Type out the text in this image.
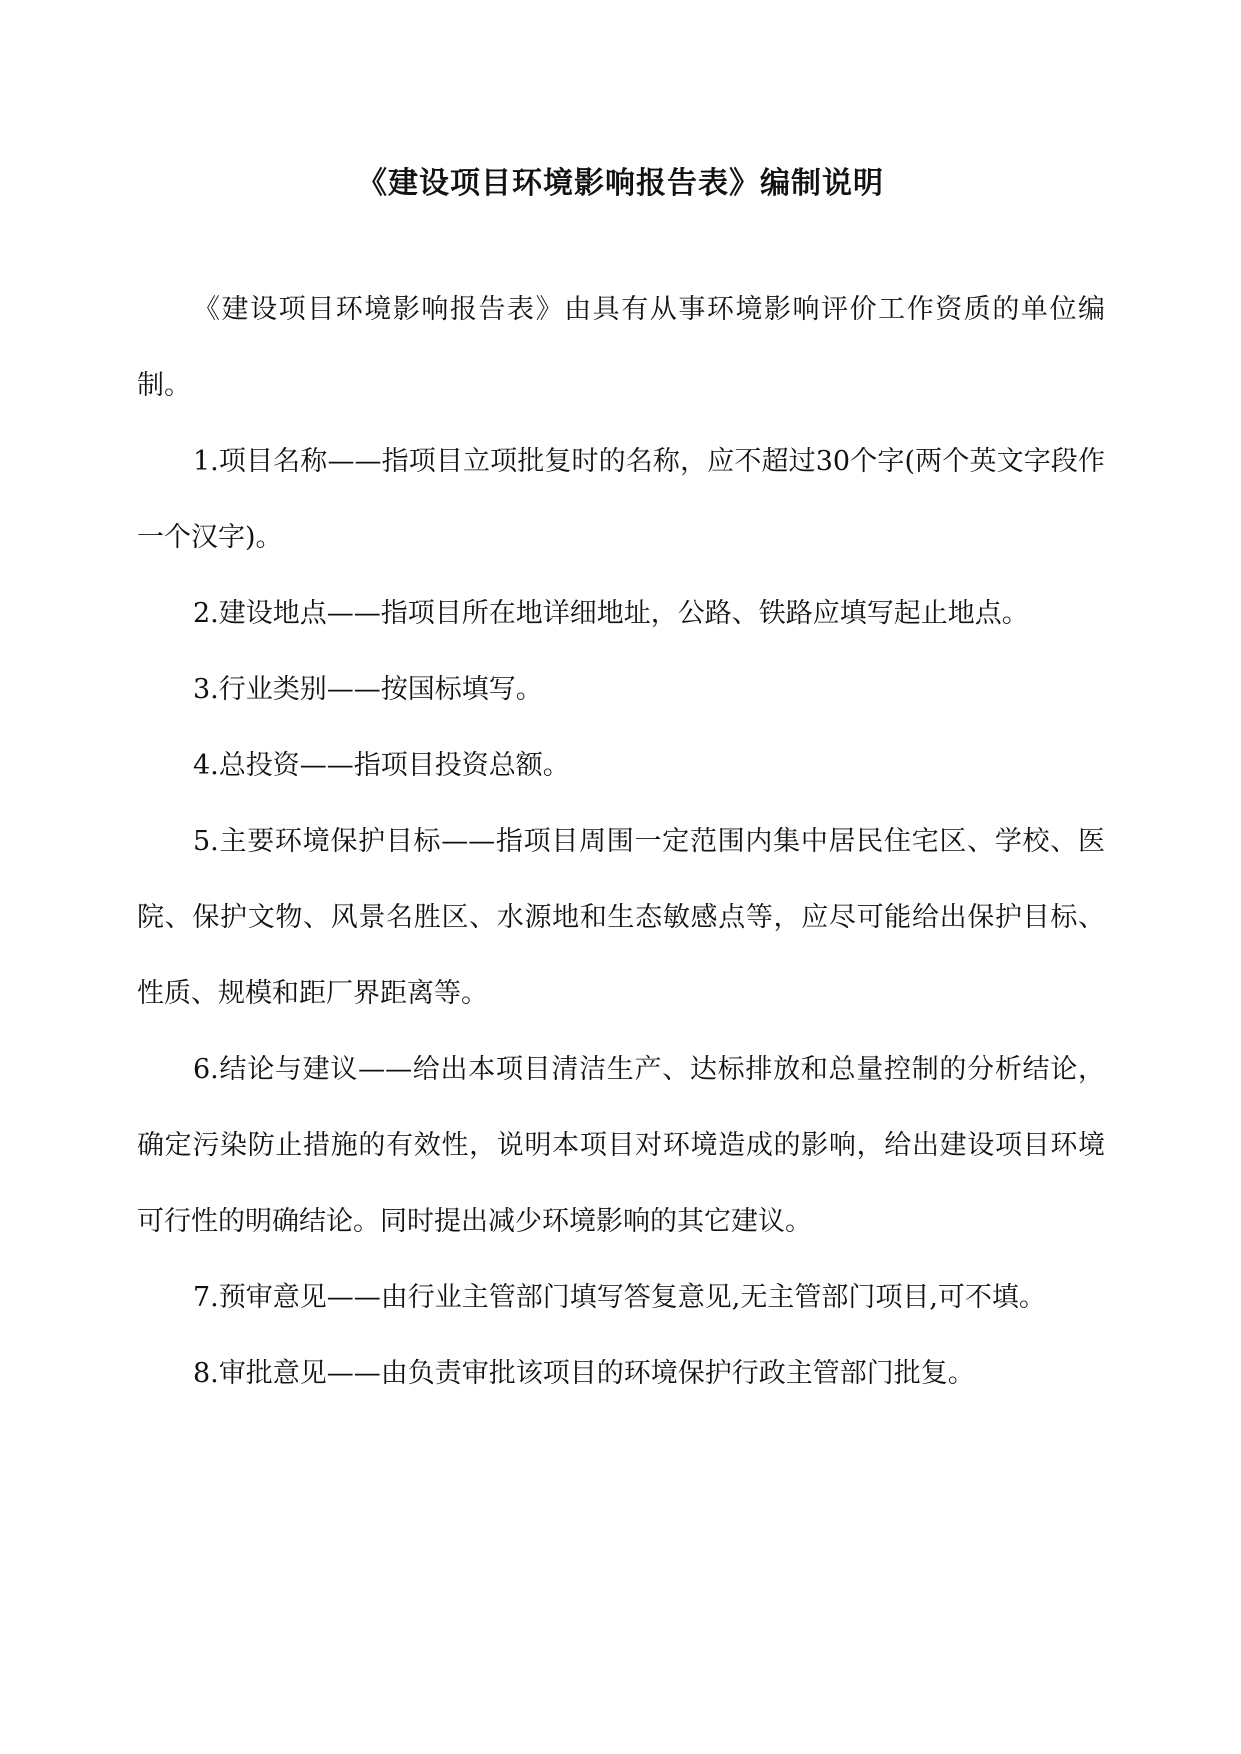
《建设项目环境影响报告表》编制说明

《建设项目环境影响报告表》由具有从事环境影响评价工作资质的单位编制。

1.项目名称——指项目立项批复时的名称，应不超过30个字(两个英文字段作一个汉字)。

2.建设地点——指项目所在地详细地址，公路、铁路应填写起止地点。

3.行业类别——按国标填写。

4.总投资——指项目投资总额。

5.主要环境保护目标——指项目周围一定范围内集中居民住宅区、学校、医院、保护文物、风景名胜区、水源地和生态敏感点等，应尽可能给出保护目标、性质、规模和距厂界距离等。

6.结论与建议——给出本项目清洁生产、达标排放和总量控制的分析结论，确定污染防止措施的有效性，说明本项目对环境造成的影响，给出建设项目环境可行性的明确结论。同时提出减少环境影响的其它建议。

7.预审意见——由行业主管部门填写答复意见,无主管部门项目,可不填。

8.审批意见——由负责审批该项目的环境保护行政主管部门批复。
